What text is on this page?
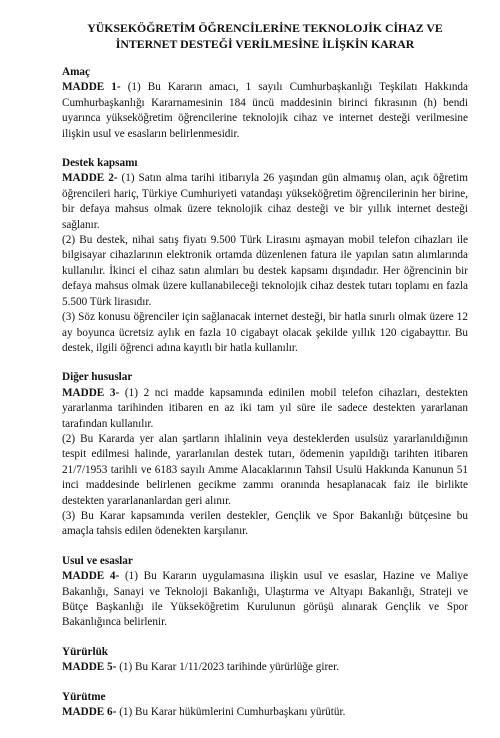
YÜKSEKÖĞRETİM ÖĞRENCİLERİNE TEKNOLOJİK CİHAZ VE
İNTERNET DESTEĞİ VERİLMESİNE İLİŞKİN KARAR

Amaç

MADDE 1- (1) Bu Kararın amacı, 1 sayılı Cumhurbaşkanlığı Teşkilatı Hakkında Cumhurbaşkanlığı Kararnamesinin 184 üncü maddesinin birinci fıkrasının (h) bendi uyarınca yükseköğretim öğrencilerine teknolojik cihaz ve internet desteği verilmesine ilişkin usul ve esasların belirlenmesidir.

Destek kapsamı

MADDE 2- (1) Satın alma tarihi itibarıyla 26 yaşından gün almamış olan, açık öğretim öğrencileri hariç, Türkiye Cumhuriyeti vatandaşı yükseköğretim öğrencilerinin her birine, bir defaya mahsus olmak üzere teknolojik cihaz desteği ve bir yıllık internet desteği sağlanır.

(2) Bu destek, nihai satış fiyatı 9.500 Türk Lirasını aşmayan mobil telefon cihazları ile bilgisayar cihazlarının elektronik ortamda düzenlenen fatura ile yapılan satın alımlarında kullanılır. İkinci el cihaz satın alımları bu destek kapsamı dışındadır. Her öğrencinin bir defaya mahsus olmak üzere kullanabileceği teknolojik cihaz destek tutarı toplamı en fazla 5.500 Türk lirasıdır.

(3) Söz konusu öğrenciler için sağlanacak internet desteği, bir hatla sınırlı olmak üzere 12 ay boyunca ücretsiz aylık en fazla 10 cigabayt olacak şekilde yıllık 120 cigabayttır. Bu destek, ilgili öğrenci adına kayıtlı bir hatla kullanılır.

Diğer hususlar

MADDE 3- (1) 2 nci madde kapsamında edinilen mobil telefon cihazları, destekten yararlanma tarihinden itibaren en az iki tam yıl süre ile sadece destekten yararlanan tarafından kullanılır.

(2) Bu Kararda yer alan şartların ihlalinin veya desteklerden usulsüz yararlanıldığının tespit edilmesi halinde, yararlanılan destek tutarı, ödemenin yapıldığı tarihten itibaren 21/7/1953 tarihli ve 6183 sayılı Amme Alacaklarının Tahsil Usulü Hakkında Kanunun 51 inci maddesinde belirlenen gecikme zammı oranında hesaplanacak faiz ile birlikte destekten yararlananlardan geri alınır.

(3) Bu Karar kapsamında verilen destekler, Gençlik ve Spor Bakanlığı bütçesine bu amaçla tahsis edilen ödenekten karşılanır.

Usul ve esaslar

MADDE 4- (1) Bu Kararın uygulamasına ilişkin usul ve esaslar, Hazine ve Maliye Bakanlığı, Sanayi ve Teknoloji Bakanlığı, Ulaştırma ve Altyapı Bakanlığı, Strateji ve Bütçe Başkanlığı ile Yükseköğretim Kurulunun görüşü alınarak Gençlik ve Spor Bakanlığınca belirlenir.

Yürürlük

MADDE 5- (1) Bu Karar 1/11/2023 tarihinde yürürlüğe girer.

Yürütme

MADDE 6- (1) Bu Karar hükümlerini Cumhurbaşkanı yürütür.
